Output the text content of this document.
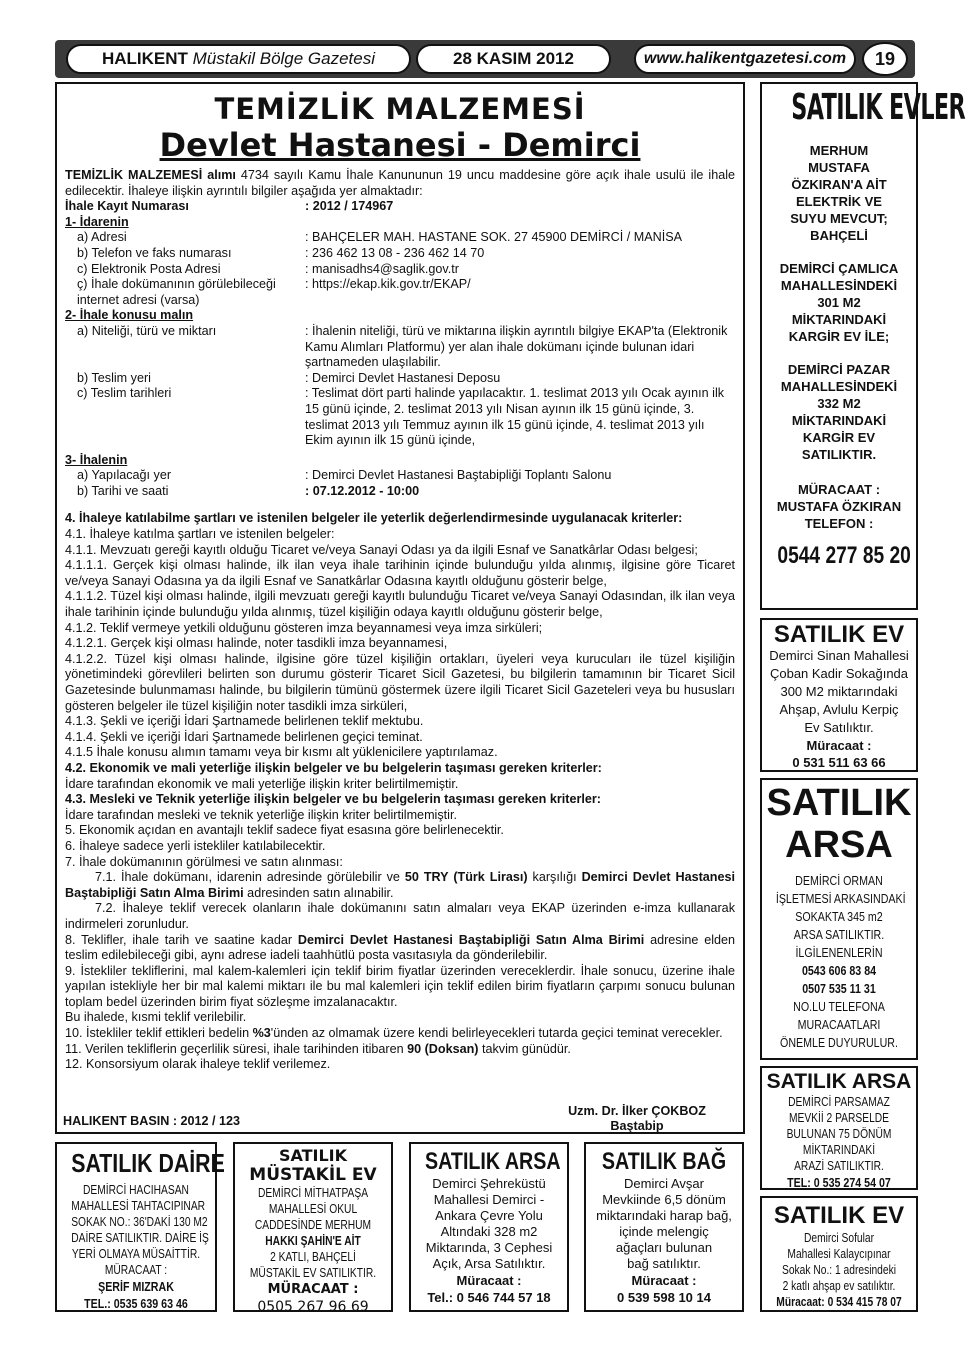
HALIKENT
Müstakil Bölge Gazetesi	28 KASIM 2012	www.halikentgazetesi.com	19
TEMİZLİK MALZEMESİ
Devlet Hastanesi - Demirci

TEMİZLİK MALZEMESİ alımı 4734 sayılı Kamu İhale Kanununun 19 uncu maddesine göre açık ihale usulü ile ihale edilecektir. İhaleye ilişkin ayrıntılı bilgiler aşağıda yer almaktadır:

İhale Kayıt Numarası	: 2012 / 174967
1- İdarenin
a) Adresi	: BAHÇELER MAH. HASTANE SOK. 27 45900 DEMİRCİ / MANİSA
b) Telefon ve faks numarası	: 236 462 13 08 - 236 462 14 70
c) Elektronik Posta Adresi	: manisadhs4@saglik.gov.tr
ç) İhale dokümanının görülebileceği internet adresi (varsa)
: https://ekap.kik.gov.tr/EKAP/
2- İhale konusu malın
a) Niteliği, türü ve miktarı	: İhalenin niteliği, türü ve miktarına ilişkin ayrıntılı bilgiye EKAP'ta (Elektronik Kamu Alımları Platformu) yer alan ihale dokümanı içinde bulunan idari şartnameden ulaşılabilir.
b) Teslim yeri	: Demirci Devlet Hastanesi Deposu
c) Teslim tarihleri	: Teslimat dört parti halinde yapılacaktır. 1. teslimat 2013 yılı Ocak ayının ilk 15 günü içinde, 2. teslimat 2013 yılı Nisan ayının ilk 15 günü içinde, 3. teslimat 2013 yılı Temmuz ayının ilk 15 günü içinde, 4. teslimat 2013 yılı Ekim ayının ilk 15 günü içinde,
3- İhalenin
a) Yapılacağı yer	: Demirci Devlet Hastanesi Baştabipliği Toplantı Salonu
b) Tarihi ve saati	: 07.12.2012 - 10:00

4. İhaleye katılabilme şartları ve istenilen belgeler ile yeterlik değerlendirmesinde uygulanacak kriterler:

4.1. İhaleye katılma şartları ve istenilen belgeler:

4.1.1. Mevzuatı gereği kayıtlı olduğu Ticaret ve/veya Sanayi Odası ya da ilgili Esnaf ve Sanatkârlar Odası belgesi;

4.1.1.1. Gerçek kişi olması halinde, ilk ilan veya ihale tarihinin içinde bulunduğu yılda alınmış, ilgisine göre Ticaret ve/veya Sanayi Odasına ya da ilgili Esnaf ve Sanatkârlar Odasına kayıtlı olduğunu gösterir belge,

4.1.1.2. Tüzel kişi olması halinde, ilgili mevzuatı gereği kayıtlı bulunduğu Ticaret ve/veya Sanayi Odasından, ilk ilan veya ihale tarihinin içinde bulunduğu yılda alınmış, tüzel kişiliğin odaya kayıtlı olduğunu gösterir belge,

4.1.2. Teklif vermeye yetkili olduğunu gösteren imza beyannamesi veya imza sirküleri;

4.1.2.1. Gerçek kişi olması halinde, noter tasdikli imza beyannamesi,

4.1.2.2. Tüzel kişi olması halinde, ilgisine göre tüzel kişiliğin ortakları, üyeleri veya kurucuları ile tüzel kişiliğin yönetimindeki görevlileri belirten son durumu gösterir Ticaret Sicil Gazetesi, bu bilgilerin tamamının bir Ticaret Sicil Gazetesinde bulunmaması halinde, bu bilgilerin tümünü göstermek üzere ilgili Ticaret Sicil Gazeteleri veya bu hususları gösteren belgeler ile tüzel kişiliğin noter tasdikli imza sirküleri,

4.1.3. Şekli ve içeriği İdari Şartnamede belirlenen teklif mektubu.

4.1.4. Şekli ve içeriği İdari Şartnamede belirlenen geçici teminat.

4.1.5 İhale konusu alımın tamamı veya bir kısmı alt yüklenicilere yaptırılamaz.

4.2. Ekonomik ve mali yeterliğe ilişkin belgeler ve bu belgelerin taşıması gereken kriterler:

İdare tarafından ekonomik ve mali yeterliğe ilişkin kriter belirtilmemiştir.

4.3. Mesleki ve Teknik yeterliğe ilişkin belgeler ve bu belgelerin taşıması gereken kriterler:

İdare tarafından mesleki ve teknik yeterliğe ilişkin kriter belirtilmemiştir.

5. Ekonomik açıdan en avantajlı teklif sadece fiyat esasına göre belirlenecektir.

6. İhaleye sadece yerli istekliler katılabilecektir.

7. İhale dokümanının görülmesi ve satın alınması:

7.1. İhale dokümanı, idarenin adresinde görülebilir ve 50 TRY (Türk Lirası) karşılığı Demirci Devlet Hastanesi Baştabipliği Satın Alma Birimi adresinden satın alınabilir.

7.2. İhaleye teklif verecek olanların ihale dokümanını satın almaları veya EKAP üzerinden e-imza kullanarak indirmeleri zorunludur.

8. Teklifler, ihale tarih ve saatine kadar Demirci Devlet Hastanesi Baştabipliği Satın Alma Birimi adresine elden teslim edilebileceği gibi, aynı adrese iadeli taahhütlü posta vasıtasıyla da gönderilebilir.

9. İstekliler tekliflerini, mal kalem-kalemleri için teklif birim fiyatlar üzerinden vereceklerdir. İhale sonucu, üzerine ihale yapılan istekliyle her bir mal kalemi miktarı ile bu mal kalemleri için teklif edilen birim fiyatların çarpımı sonucu bulunan toplam bedel üzerinden birim fiyat sözleşme imzalanacaktır.

Bu ihalede, kısmi teklif verilebilir.

10. İstekliler teklif ettikleri bedelin %3'ünden az olmamak üzere kendi belirleyecekleri tutarda geçici teminat verecekler.

11. Verilen tekliflerin geçerlilik süresi, ihale tarihinden itibaren 90 (Doksan) takvim günüdür.

12. Konsorsiyum olarak ihaleye teklif verilemez.

Uzm. Dr. İlker ÇOKBOZ
Baştabip
HALIKENT BASIN : 2012 / 123
SATILIK EVLER
MERHUM
MUSTAFA
ÖZKIRAN'A AİT
ELEKTRİK VE
SUYU MEVCUT;
BAHÇELİ
DEMİRCİ ÇAMLICA
MAHALLESİNDEKİ
301 M2
MİKTARINDAKİ
KARGİR EV İLE;
DEMİRCİ PAZAR
MAHALLESİNDEKİ
332 M2
MİKTARINDAKİ
KARGİR EV
SATILIKTIR.
MÜRACAAT :
MUSTAFA ÖZKIRAN
TELEFON :
0544 277 85 20
SATILIK EV
Demirci Sinan Mahallesi
Çoban Kadir Sokağında
300 M2 miktarındaki
Ahşap, Avlulu Kerpiç
Ev Satılıktır.
Müracaat :
0 531 511 63 66
SATILIK
ARSA
DEMİRCİ ORMAN
İŞLETMESİ ARKASINDAKİ
SOKAKTA 345 m2
ARSA SATILIKTIR.
İLGİLENENLERİN
0543 606 83 84
0507 535 11 31
NO.LU TELEFONA
MURACAATLARI
ÖNEMLE DUYURULUR.
SATILIK ARSA
DEMİRCİ PARSAMAZ
MEVKİİ 2 PARSELDE
BULUNAN 75 DÖNÜM
MİKTARINDAKİ
ARAZİ SATILIKTIR.
TEL: 0 535 274 54 07
SATILIK EV
Demirci Sofular
Mahallesi Kalaycıpınar
Sokak No.: 1 adresindeki
2 katlı ahşap ev satılıktır.
Müracaat: 0 534 415 78 07
SATILIK DAİRE
DEMİRCİ HACIHASAN
MAHALLESİ TAHTACIPINAR
SOKAK NO.: 36'DAKİ 130 M2
DAİRE SATILIKTIR. DAİRE İŞ
YERİ OLMAYA MÜSAİTTİR.
MÜRACAAT :
ŞERİF MIZRAK
TEL.: 0535 639 63 46
SATILIK
MÜSTAKİL EV
DEMİRCİ MİTHATPAŞA
MAHALLESİ OKUL
CADDESİNDE MERHUM
HAKKI ŞAHİN'E AİT
2 KATLI, BAHÇELİ
MÜSTAKİL EV SATILIKTIR.
MÜRACAAT :
0505 267 96 69
SATILIK ARSA
Demirci Şehreküstü
Mahallesi Demirci -
Ankara Çevre Yolu
Altındaki 328 m2
Miktarında, 3 Cephesi
Açık, Arsa Satılıktır.
Müracaat :
Tel.: 0 546 744 57 18
SATILIK BAĞ
Demirci Avşar
Mevkiinde 6,5 dönüm
miktarındaki harap bağ,
içinde melengiç
ağaçları bulunan
bağ satılıktır.
Müracaat :
0 539 598 10 14
